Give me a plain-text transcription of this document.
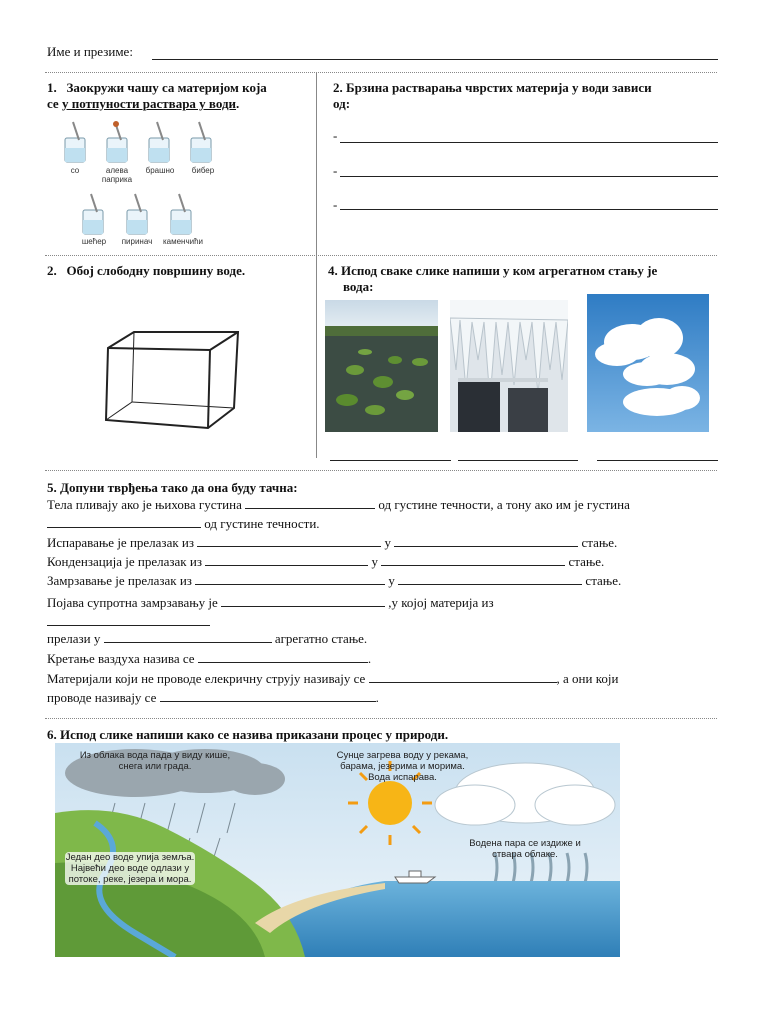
Име и презиме:
1. Заокружи чашу са материјом која
се у потпуности раствара у води.
со	алева паприка
брашно	бибер
шећер	пиринач	каменчићи
2. Брзина растварања чврстих материја у води зависи
од:
-
-
-
2. Обој слободну површину воде.	4. Испод сваке слике напиши у ком агрегатном стању је
вода:
5. Допуни тврђења тако да она буду тачна:
Тела пливају ако је њихова густина	од густине течности, а тону ако им је густина
од густине течности.
Испаравање је прелазак из	у	стање.
Кондензација је прелазак из	у	стање.
Замрзавање је прелазак из	у	стање.
Појава супротна замрзавању је	,у којој материја из
прелази у	агрегатно стање.
Кретање ваздуха назива се	.
Материјали који не проводе елекричну струју називају се	, а они који
проводе називају се	.
6. Испод слике напиши како се назива приказани процес у природи.
Из облака вода пада у виду кише, снега или града.
Сунце загрева воду у рекама, барама, језерима и морима. Вода испарава.
Водена пара се издиже и ствара облаке.
Један део воде упија земља. Највећи део воде одлази у потоке, реке, језера и мора.
